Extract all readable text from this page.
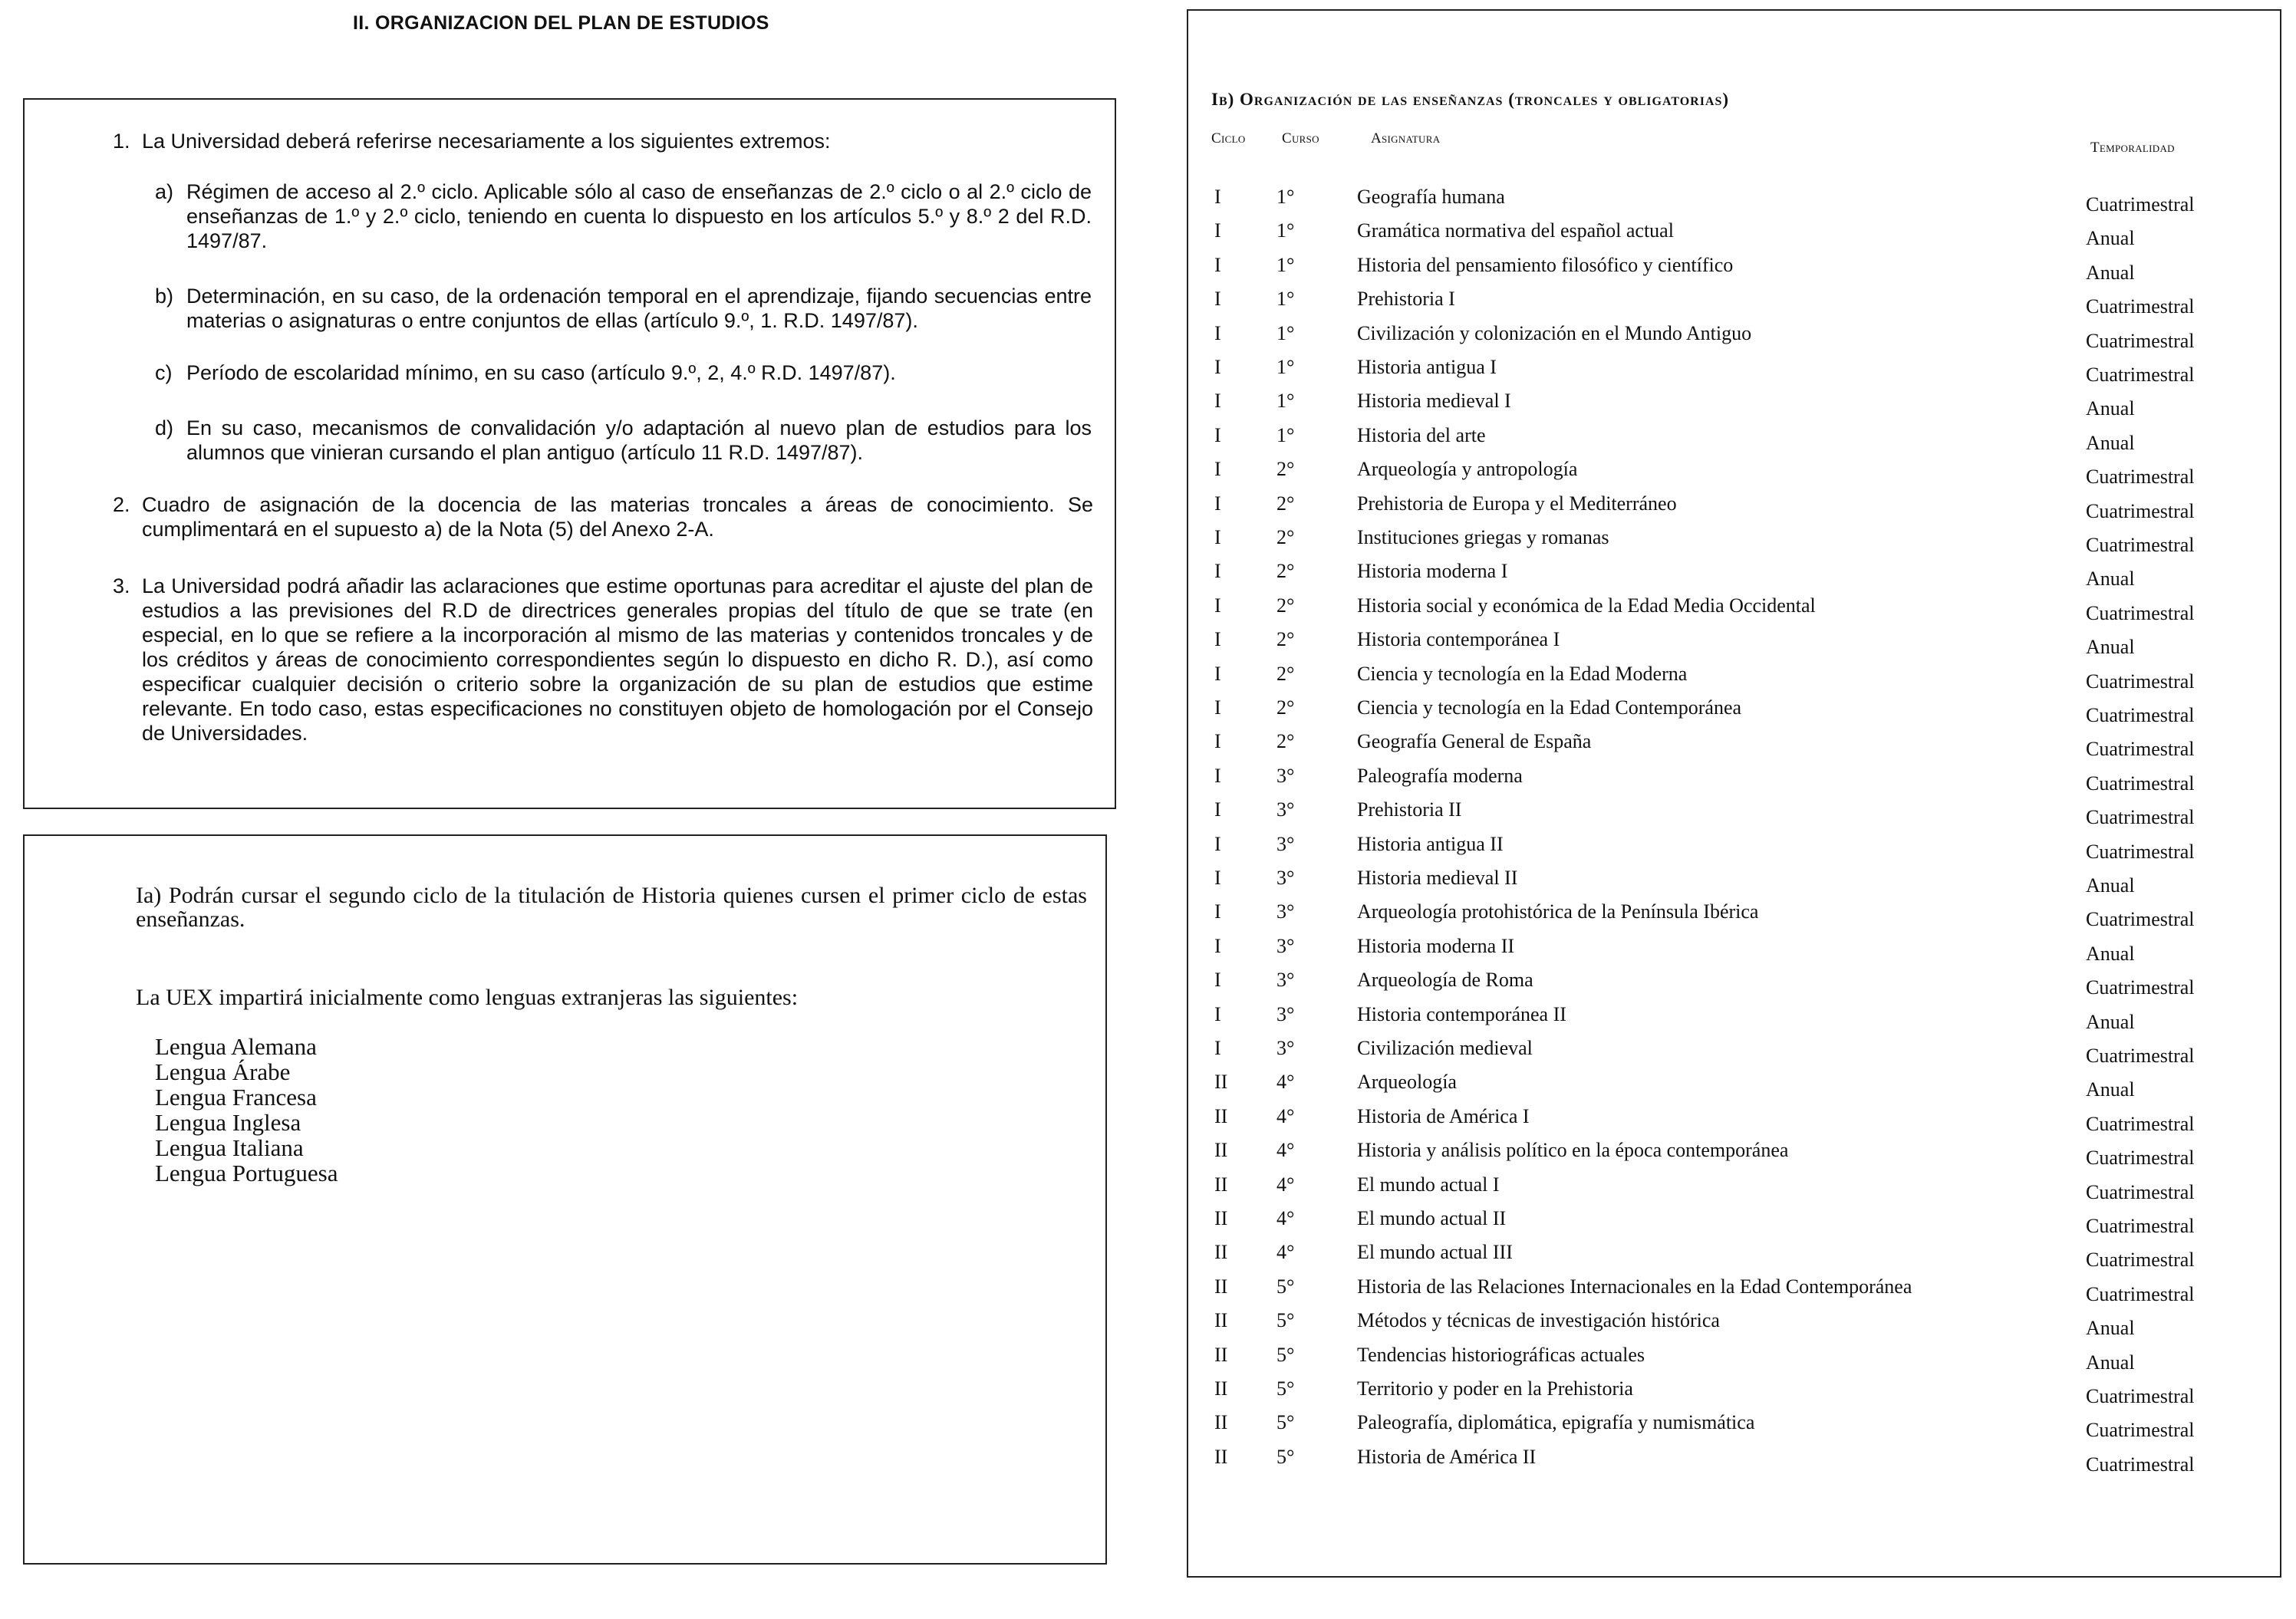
II. ORGANIZACION DEL PLAN DE ESTUDIOS
1. La Universidad deberá referirse necesariamente a los siguientes extremos:
a) Régimen de acceso al 2.º ciclo. Aplicable sólo al caso de enseñanzas de 2.º ciclo o al 2.º ciclo de enseñanzas de 1.º y 2.º ciclo, teniendo en cuenta lo dispuesto en los artículos 5.º y 8.º 2 del R.D. 1497/87.
b) Determinación, en su caso, de la ordenación temporal en el aprendizaje, fijando secuencias entre materias o asignaturas o entre conjuntos de ellas (artículo 9.º, 1. R.D. 1497/87).
c) Período de escolaridad mínimo, en su caso (artículo 9.º, 2, 4.º R.D. 1497/87).
d) En su caso, mecanismos de convalidación y/o adaptación al nuevo plan de estudios para los alumnos que vinieran cursando el plan antiguo (artículo 11 R.D. 1497/87).
2. Cuadro de asignación de la docencia de las materias troncales a áreas de conocimiento. Se cumplimentará en el supuesto a) de la Nota (5) del Anexo 2-A.
3. La Universidad podrá añadir las aclaraciones que estime oportunas para acreditar el ajuste del plan de estudios a las previsiones del R.D de directrices generales propias del título de que se trate (en especial, en lo que se refiere a la incorporación al mismo de las materias y contenidos troncales y de los créditos y áreas de conocimiento correspondientes según lo dispuesto en dicho R. D.), así como especificar cualquier decisión o criterio sobre la organización de su plan de estudios que estime relevante. En todo caso, estas especificaciones no constituyen objeto de homologación por el Consejo de Universidades.
Ia) Podrán cursar el segundo ciclo de la titulación de Historia quienes cursen el primer ciclo de estas enseñanzas.
La UEX impartirá inicialmente como lenguas extranjeras las siguientes:
Lengua Alemana
Lengua Árabe
Lengua Francesa
Lengua Inglesa
Lengua Italiana
Lengua Portuguesa
Ib) Organización de las enseñanzas (troncales y obligatorias)
Ciclo Curso	Asignatura
Temporalidad
I	1°	Geografía humana	Cuatrimestral
I	1°	Gramática normativa del español actual	Anual
I	1°	Historia del pensamiento filosófico y científico	Anual
I	1°	Prehistoria I	Cuatrimestral
I	1°	Civilización y colonización en el Mundo Antiguo	Cuatrimestral
I	1°	Historia antigua I	Cuatrimestral
I	1°	Historia medieval I	Anual
I	1°	Historia del arte	Anual
I	2°	Arqueología y antropología	Cuatrimestral
I	2°	Prehistoria de Europa y el Mediterráneo	Cuatrimestral
I	2°	Instituciones griegas y romanas	Cuatrimestral
I	2°	Historia moderna I	Anual
I	2°	Historia social y económica de la Edad Media Occidental	Cuatrimestral
I	2°	Historia contemporánea I	Anual
I	2°	Ciencia y tecnología en la Edad Moderna	Cuatrimestral
I	2°	Ciencia y tecnología en la Edad Contemporánea	Cuatrimestral
I	2°	Geografía General de España	Cuatrimestral
I	3°	Paleografía moderna	Cuatrimestral
I	3°	Prehistoria II	Cuatrimestral
I	3°	Historia antigua II	Cuatrimestral
I	3°	Historia medieval II	Anual
I	3°	Arqueología protohistórica de la Península Ibérica	Cuatrimestral
I	3°	Historia moderna II	Anual
I	3°	Arqueología de Roma	Cuatrimestral
I	3°	Historia contemporánea II	Anual
I	3°	Civilización medieval	Cuatrimestral
II 4°	Arqueología	Anual
II 4°	Historia de América I	Cuatrimestral
II 4°	Historia y análisis político en la época contemporánea	Cuatrimestral
II 4°	El mundo actual I	Cuatrimestral
II 4°	El mundo actual II	Cuatrimestral
II 4°	El mundo actual III	Cuatrimestral
II 5°	Historia de las Relaciones Internacionales en la Edad Contemporánea	Cuatrimestral
II 5°	Métodos y técnicas de investigación histórica	Anual
II 5°	Tendencias historiográficas actuales	Anual
II 5°	Territorio y poder en la Prehistoria	Cuatrimestral
II 5°	Paleografía, diplomática, epigrafía y numismática	Cuatrimestral
II 5°	Historia de América II	Cuatrimestral
